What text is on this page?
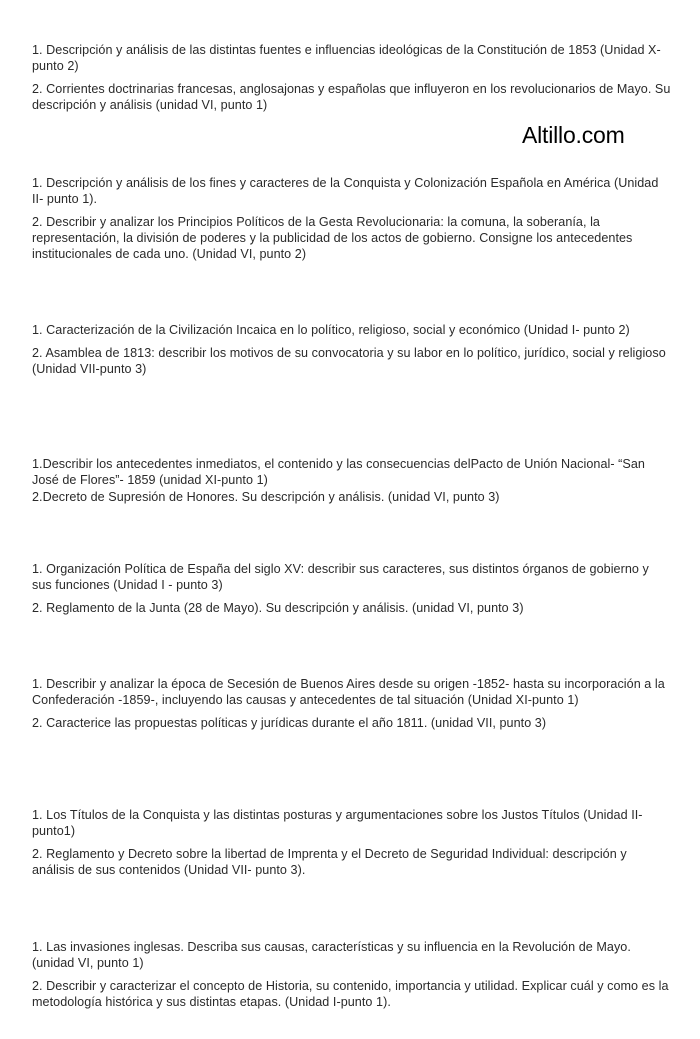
Altillo.com

1. Descripción y análisis de las distintas fuentes e influencias ideológicas de la Constitución de 1853 (Unidad X- punto 2)

2. Corrientes doctrinarias francesas, anglosajonas y españolas que influyeron en los revolucionarios de Mayo. Su descripción y análisis (unidad VI, punto 1)

1. Descripción y análisis de los fines y caracteres de la Conquista y Colonización Española en América (Unidad II- punto 1).

2. Describir y analizar los Principios Políticos de la Gesta Revolucionaria: la comuna, la soberanía, la representación, la división de poderes y la publicidad de los actos de gobierno. Consigne los antecedentes institucionales de cada uno. (Unidad VI, punto 2)

1. Caracterización de la Civilización Incaica en lo político, religioso, social y económico (Unidad I- punto 2)

2. Asamblea de 1813: describir los motivos de su convocatoria y su labor en lo político, jurídico, social y religioso (Unidad VII-punto 3)

1.Describir los antecedentes inmediatos, el contenido y las consecuencias delPacto de Unión Nacional- “San José de Flores”- 1859 (unidad XI-punto 1)

2.Decreto de Supresión de Honores. Su descripción y análisis. (unidad VI, punto 3)

1. Organización Política de España del siglo XV: describir sus caracteres, sus distintos órganos de gobierno y sus funciones (Unidad I - punto 3)

2. Reglamento de la Junta (28 de Mayo). Su descripción y análisis. (unidad VI, punto 3)

1. Describir y analizar la época de Secesión de Buenos Aires desde su origen -1852- hasta su incorporación a la Confederación -1859-, incluyendo las causas y antecedentes de tal situación (Unidad XI-punto 1)

2. Caracterice las propuestas políticas y jurídicas durante el año 1811. (unidad VII, punto 3)

1. Los Títulos de la Conquista y las distintas posturas y argumentaciones sobre los Justos Títulos (Unidad II-punto1)

2. Reglamento y Decreto sobre la libertad de Imprenta y el Decreto de Seguridad Individual: descripción y análisis de sus contenidos (Unidad VII- punto 3).

1. Las invasiones inglesas. Describa sus causas, características y su influencia en la Revolución de Mayo. (unidad VI, punto 1)

2. Describir y caracterizar el concepto de Historia, su contenido, importancia y utilidad. Explicar cuál y como es la metodología histórica y sus distintas etapas. (Unidad I-punto 1).
